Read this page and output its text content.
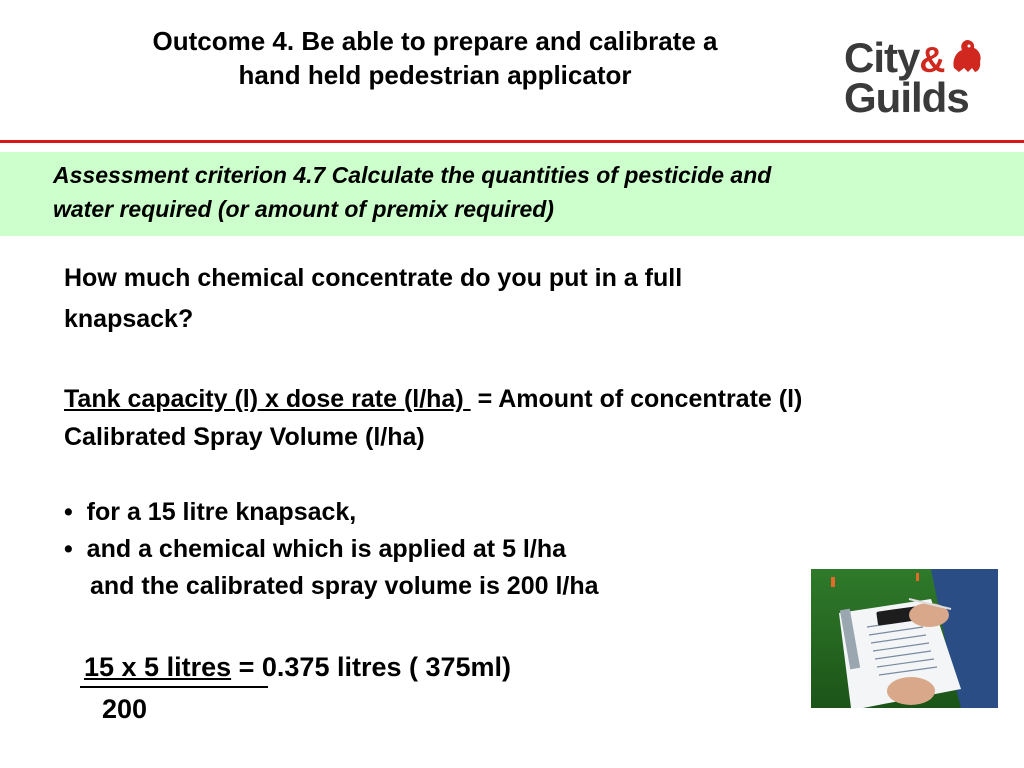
Outcome 4. Be able to prepare and calibrate a
hand held pedestrian applicator	City&
Guilds
Assessment criterion 4.7 Calculate the quantities of pesticide and
water required (or amount of premix required)
How much chemical concentrate do you put in a full
knapsack?
Tank capacity (l) x dose rate (l/ha) = Amount of concentrate (l)
Calibrated Spray Volume (l/ha)
• for a 15 litre knapsack,
• and a chemical which is applied at 5 l/ha
and the calibrated spray volume is 200 l/ha
15 x 5 litres = 0.375 litres ( 375ml)
200
